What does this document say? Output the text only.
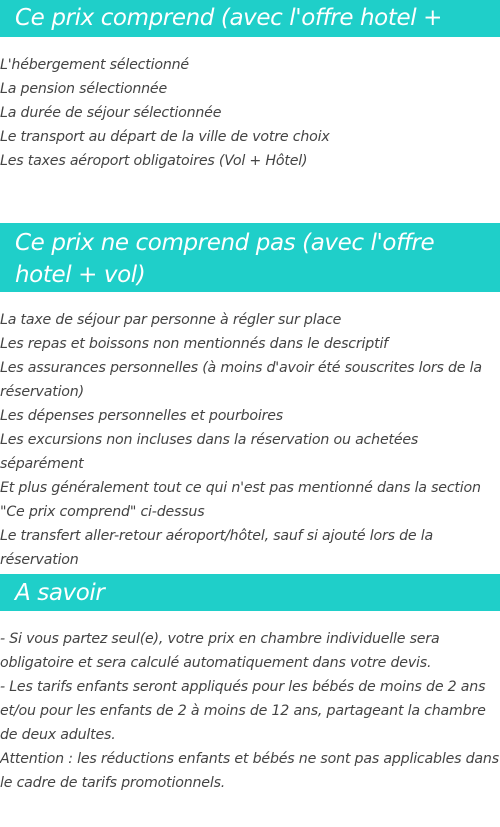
Ce prix comprend (avec l'offre hotel + vol)
L'hébergement sélectionné
La pension sélectionnée
La durée de séjour sélectionnée
Le transport au départ de la ville de votre choix
Les taxes aéroport obligatoires (Vol + Hôtel)
Ce prix ne comprend pas (avec l'offre hotel + vol)
La taxe de séjour par personne à régler sur place
Les repas et boissons non mentionnés dans le descriptif
Les assurances personnelles (à moins d'avoir été souscrites lors de la réservation)
Les dépenses personnelles et pourboires
Les excursions non incluses dans la réservation ou achetées séparément
Et plus généralement tout ce qui n'est pas mentionné dans la section "Ce prix comprend" ci-dessus
Le transfert aller-retour aéroport/hôtel, sauf si ajouté lors de la réservation
A savoir
- Si vous partez seul(e), votre prix en chambre individuelle sera obligatoire et sera calculé automatiquement dans votre devis.
- Les tarifs enfants seront appliqués pour les bébés de moins de 2 ans et/ou pour les enfants de 2 à moins de 12 ans, partageant la chambre de deux adultes.
Attention : les réductions enfants et bébés ne sont pas applicables dans le cadre de tarifs promotionnels.
